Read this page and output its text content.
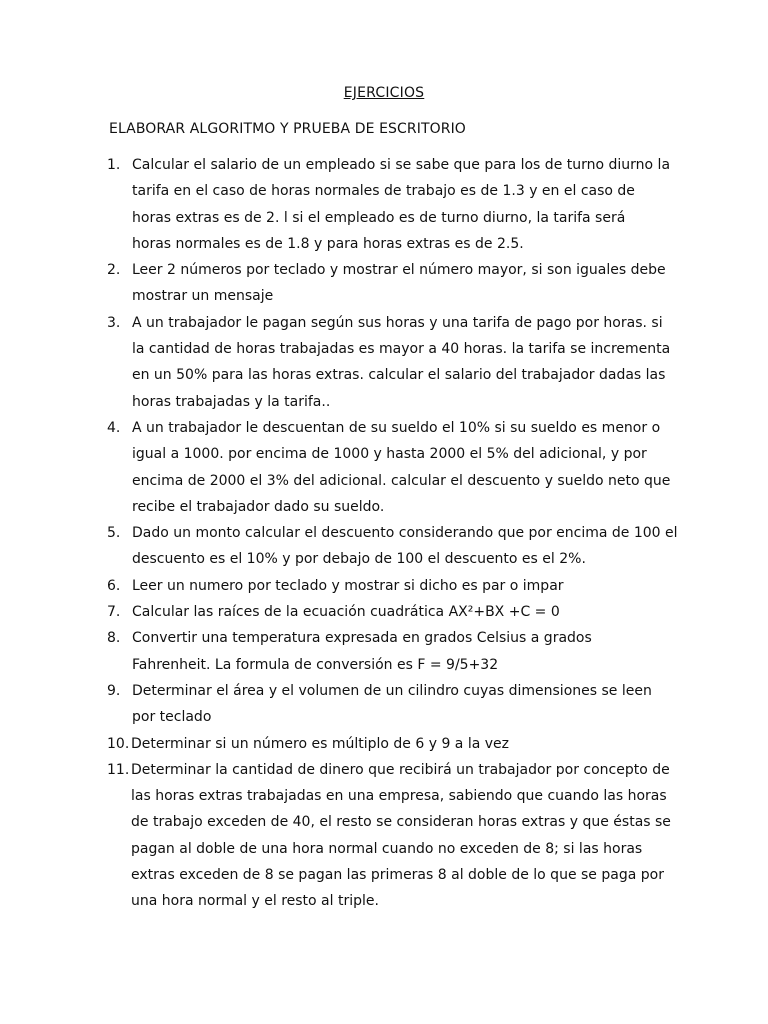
EJERCICIOS
ELABORAR ALGORITMO Y PRUEBA DE ESCRITORIO
1. Calcular el salario de un empleado si se sabe que para los de turno diurno la
tarifa en el caso de horas normales de trabajo es de 1.3 y en el caso de
horas extras es de 2. l si el empleado es de turno diurno, la tarifa será
horas normales es de 1.8 y para horas extras es de 2.5.
2. Leer 2 números por teclado y mostrar el número mayor, si son iguales debe
mostrar un mensaje
3. A un trabajador le pagan según sus horas y una tarifa de pago por horas. si
la cantidad de horas trabajadas es mayor a 40 horas. la tarifa se incrementa
en un 50% para las horas extras. calcular el salario del trabajador dadas las
horas trabajadas y la tarifa..
4. A un trabajador le descuentan de su sueldo el 10% si su sueldo es menor o
igual a 1000. por encima de 1000 y hasta 2000 el 5% del adicional, y por
encima de 2000 el 3% del adicional. calcular el descuento y sueldo neto que
recibe el trabajador dado su sueldo.
5. Dado un monto calcular el descuento considerando que por encima de 100 el
descuento es el 10% y por debajo de 100 el descuento es el 2%.
6. Leer un numero por teclado y mostrar si dicho es par o impar
7. Calcular las raíces de la ecuación cuadrática AX²+BX +C = 0
8. Convertir una temperatura expresada en grados Celsius a grados
Fahrenheit. La formula de conversión es F = 9/5+32
9. Determinar el área y el volumen de un cilindro cuyas dimensiones se leen
por teclado
10. Determinar si un número es múltiplo de 6 y 9 a la vez
11. Determinar la cantidad de dinero que recibirá un trabajador por concepto de
las horas extras trabajadas en una empresa, sabiendo que cuando las horas
de trabajo exceden de 40, el resto se consideran horas extras y que éstas se
pagan al doble de una hora normal cuando no exceden de 8; si las horas
extras exceden de 8 se pagan las primeras 8 al doble de lo que se paga por
una hora normal y el resto al triple.
